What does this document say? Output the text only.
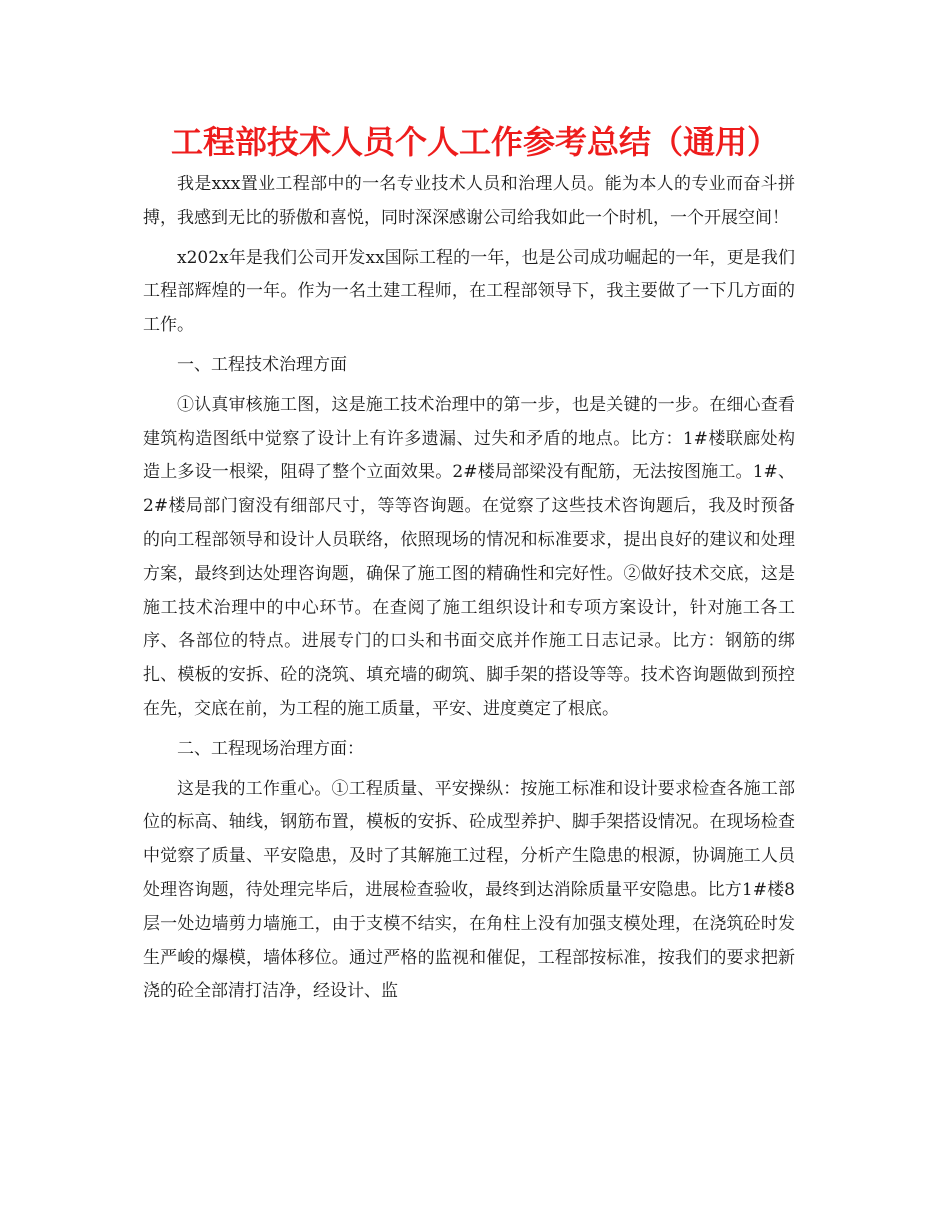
工程部技术人员个人工作参考总结（通用）

我是xxx置业工程部中的一名专业技术人员和治理人员。能为本人的专业而奋斗拼搏，我感到无比的骄傲和喜悦，同时深深感谢公司给我如此一个时机，一个开展空间！

x202x年是我们公司开发xx国际工程的一年，也是公司成功崛起的一年，更是我们工程部辉煌的一年。作为一名土建工程师，在工程部领导下，我主要做了一下几方面的工作。

一、工程技术治理方面

①认真审核施工图，这是施工技术治理中的第一步，也是关键的一步。在细心查看建筑构造图纸中觉察了设计上有许多遗漏、过失和矛盾的地点。比方：1#楼联廊处构造上多设一根梁，阻碍了整个立面效果。2#楼局部梁没有配筋，无法按图施工。1#、2#楼局部门窗没有细部尺寸，等等咨询题。在觉察了这些技术咨询题后，我及时预备的向工程部领导和设计人员联络，依照现场的情况和标准要求，提出良好的建议和处理方案，最终到达处理咨询题，确保了施工图的精确性和完好性。②做好技术交底，这是施工技术治理中的中心环节。在查阅了施工组织设计和专项方案设计，针对施工各工序、各部位的特点。进展专门的口头和书面交底并作施工日志记录。比方：钢筋的绑扎、模板的安拆、砼的浇筑、填充墙的砌筑、脚手架的搭设等等。技术咨询题做到预控在先，交底在前，为工程的施工质量，平安、进度奠定了根底。

二、工程现场治理方面：

这是我的工作重心。①工程质量、平安操纵：按施工标准和设计要求检查各施工部位的标高、轴线，钢筋布置，模板的安拆、砼成型养护、脚手架搭设情况。在现场检查中觉察了质量、平安隐患，及时了其解施工过程，分析产生隐患的根源，协调施工人员处理咨询题，待处理完毕后，进展检查验收，最终到达消除质量平安隐患。比方1#楼8层一处边墙剪力墙施工，由于支模不结实，在角柱上没有加强支模处理，在浇筑砼时发生严峻的爆模，墙体移位。通过严格的监视和催促，工程部按标准，按我们的要求把新浇的砼全部清打洁净，经设计、监
